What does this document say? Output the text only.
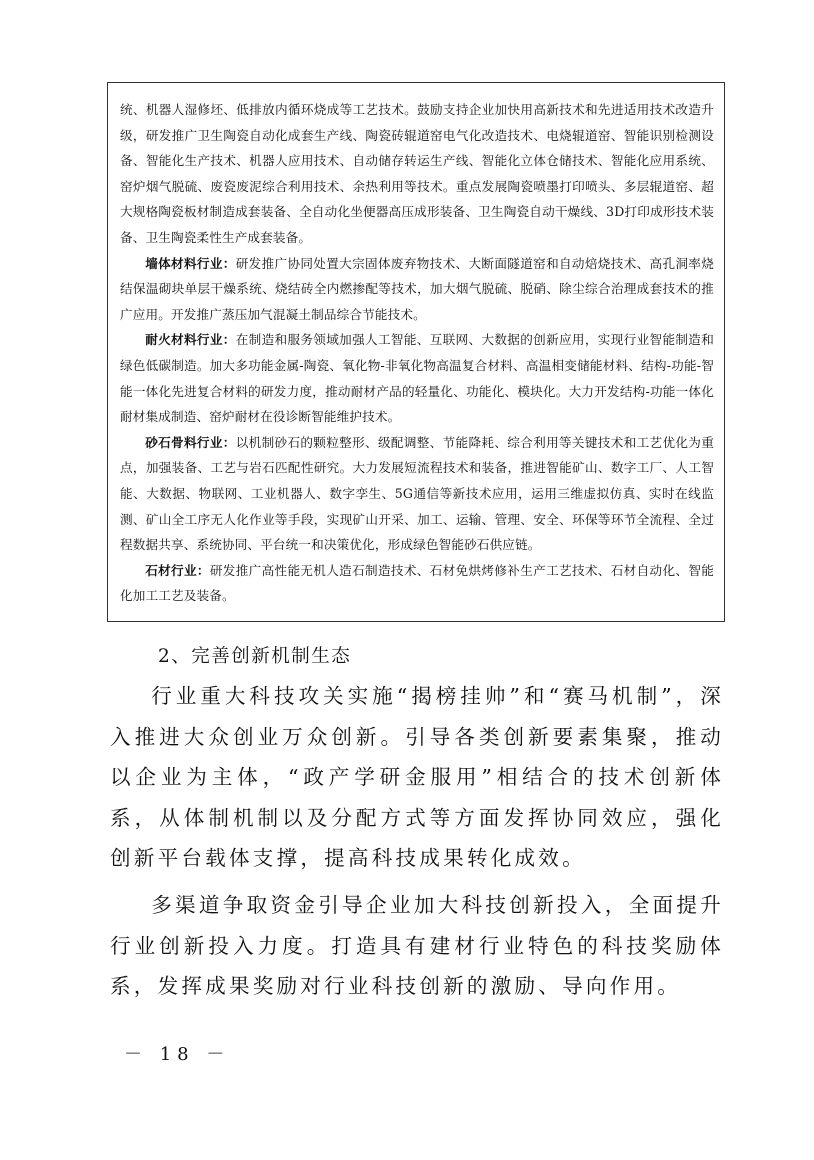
统、机器人湿修坯、低排放内循环烧成等工艺技术。鼓励支持企业加快用高新技术和先进适用技术改造升级，研发推广卫生陶瓷自动化成套生产线、陶瓷砖辊道窑电气化改造技术、电烧辊道窑、智能识别检测设备、智能化生产技术、机器人应用技术、自动储存转运生产线、智能化立体仓储技术、智能化应用系统、窑炉烟气脱硫、废瓷废泥综合利用技术、余热利用等技术。重点发展陶瓷喷墨打印喷头、多层辊道窑、超大规格陶瓷板材制造成套装备、全自动化坐便器高压成形装备、卫生陶瓷自动干燥线、3D打印成形技术装备、卫生陶瓷柔性生产成套装备。

墙体材料行业：研发推广协同处置大宗固体废弃物技术、大断面隧道窑和自动焙烧技术、高孔洞率烧结保温砌块单层干燥系统、烧结砖全内燃掺配等技术，加大烟气脱硫、脱硝、除尘综合治理成套技术的推广应用。开发推广蒸压加气混凝土制品综合节能技术。

耐火材料行业：在制造和服务领域加强人工智能、互联网、大数据的创新应用，实现行业智能制造和绿色低碳制造。加大多功能金属-陶瓷、氧化物-非氧化物高温复合材料、高温相变储能材料、结构-功能-智能一体化先进复合材料的研发力度，推动耐材产品的轻量化、功能化、模块化。大力开发结构-功能一体化耐材集成制造、窑炉耐材在役诊断智能维护技术。

砂石骨料行业：以机制砂石的颗粒整形、级配调整、节能降耗、综合利用等关键技术和工艺优化为重点，加强装备、工艺与岩石匹配性研究。大力发展短流程技术和装备，推进智能矿山、数字工厂、人工智能、大数据、物联网、工业机器人、数字孪生、5G通信等新技术应用，运用三维虚拟仿真、实时在线监测、矿山全工序无人化作业等手段，实现矿山开采、加工、运输、管理、安全、环保等环节全流程、全过程数据共享、系统协同、平台统一和决策优化，形成绿色智能砂石供应链。

石材行业：研发推广高性能无机人造石制造技术、石材免烘烤修补生产工艺技术、石材自动化、智能化加工工艺及装备。

2、完善创新机制生态

行业重大科技攻关实施“揭榜挂帅”和“赛马机制”，深入推进大众创业万众创新。引导各类创新要素集聚，推动以企业为主体，“政产学研金服用”相结合的技术创新体系，从体制机制以及分配方式等方面发挥协同效应，强化创新平台载体支撑，提高科技成果转化成效。

多渠道争取资金引导企业加大科技创新投入，全面提升行业创新投入力度。打造具有建材行业特色的科技奖励体系，发挥成果奖励对行业科技创新的激励、导向作用。

－ 18 －
